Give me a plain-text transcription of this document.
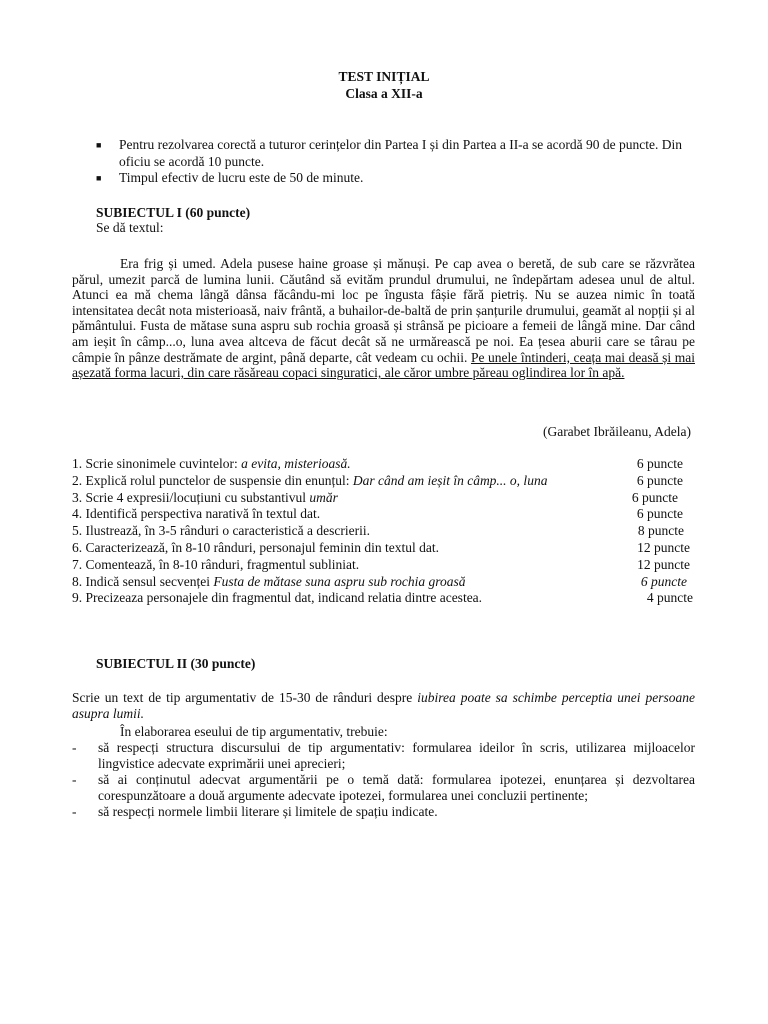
TEST INIȚIAL
Clasa a XII-a
■ Pentru rezolvarea corectă a tuturor cerințelor din Partea I și din Partea a II-a se acordă 90 de puncte. Din oficiu se acordă 10 puncte.
■ Timpul efectiv de lucru este de 50 de minute.
SUBIECTUL I (60 puncte)
Se dă textul:
Era frig și umed. Adela pusese haine groase și mănuși. Pe cap avea o beretă, de sub care se răzvrătea părul, umezit parcă de lumina lunii. Căutând să evităm prundul drumului, ne îndepărtam adesea unul de altul. Atunci ea mă chema lângă dânsa făcându-mi loc pe îngusta fâșie fără pietriș. Nu se auzea nimic în toată intensitatea decât nota misterioasă, naiv frântă, a buhailor-de-baltă de prin șanțurile drumului, geamăt al nopții și al pământului. Fusta de mătase suna aspru sub rochia groasă și strânsă pe picioare a femeii de lângă mine. Dar când am ieșit în câmp...o, luna avea altceva de făcut decât să ne urmărească pe noi. Ea țesea aburii care se târau pe câmpie în pânze destrămate de argint, până departe, cât vedeam cu ochii. Pe unele întinderi, ceața mai deasă și mai așezată forma lacuri, din care răsăreau copaci singuratici, ale căror umbre păreau oglindirea lor în apă.
(Garabet Ibrăileanu, Adela)
1. Scrie sinonimele cuvintelor: a evita, misterioasă.	6 puncte
2. Explică rolul punctelor de suspensie din enunțul: Dar când am ieșit în câmp... o, luna	6 puncte
3. Scrie 4 expresii/locuțiuni cu substantivul umăr	6 puncte
4. Identifică perspectiva narativă în textul dat.	6 puncte
5. Ilustrează, în 3-5 rânduri o caracteristică a descrierii.	8 puncte
6. Caracterizează, în 8-10 rânduri, personajul feminin din textul dat.	12 puncte
7. Comentează, în 8-10 rânduri, fragmentul subliniat.	12 puncte
8. Indică sensul secvenței Fusta de mătase suna aspru sub rochia groasă	6 puncte
9. Precizeaza personajele din fragmentul dat, indicand relatia dintre acestea.	4 puncte
SUBIECTUL II (30 puncte)
Scrie un text de tip argumentativ de 15-30 de rânduri despre iubirea poate sa schimbe perceptia unei persoane asupra lumii.
În elaborarea eseului de tip argumentativ, trebuie:
- să respecți structura discursului de tip argumentativ: formularea ideilor în scris, utilizarea mijloacelor lingvistice adecvate exprimării unei aprecieri;
- să ai conținutul adecvat argumentării pe o temă dată: formularea ipotezei, enunțarea și dezvoltarea corespunzătoare a două argumente adecvate ipotezei, formularea unei concluzii pertinente;
- să respecți normele limbii literare și limitele de spațiu indicate.
